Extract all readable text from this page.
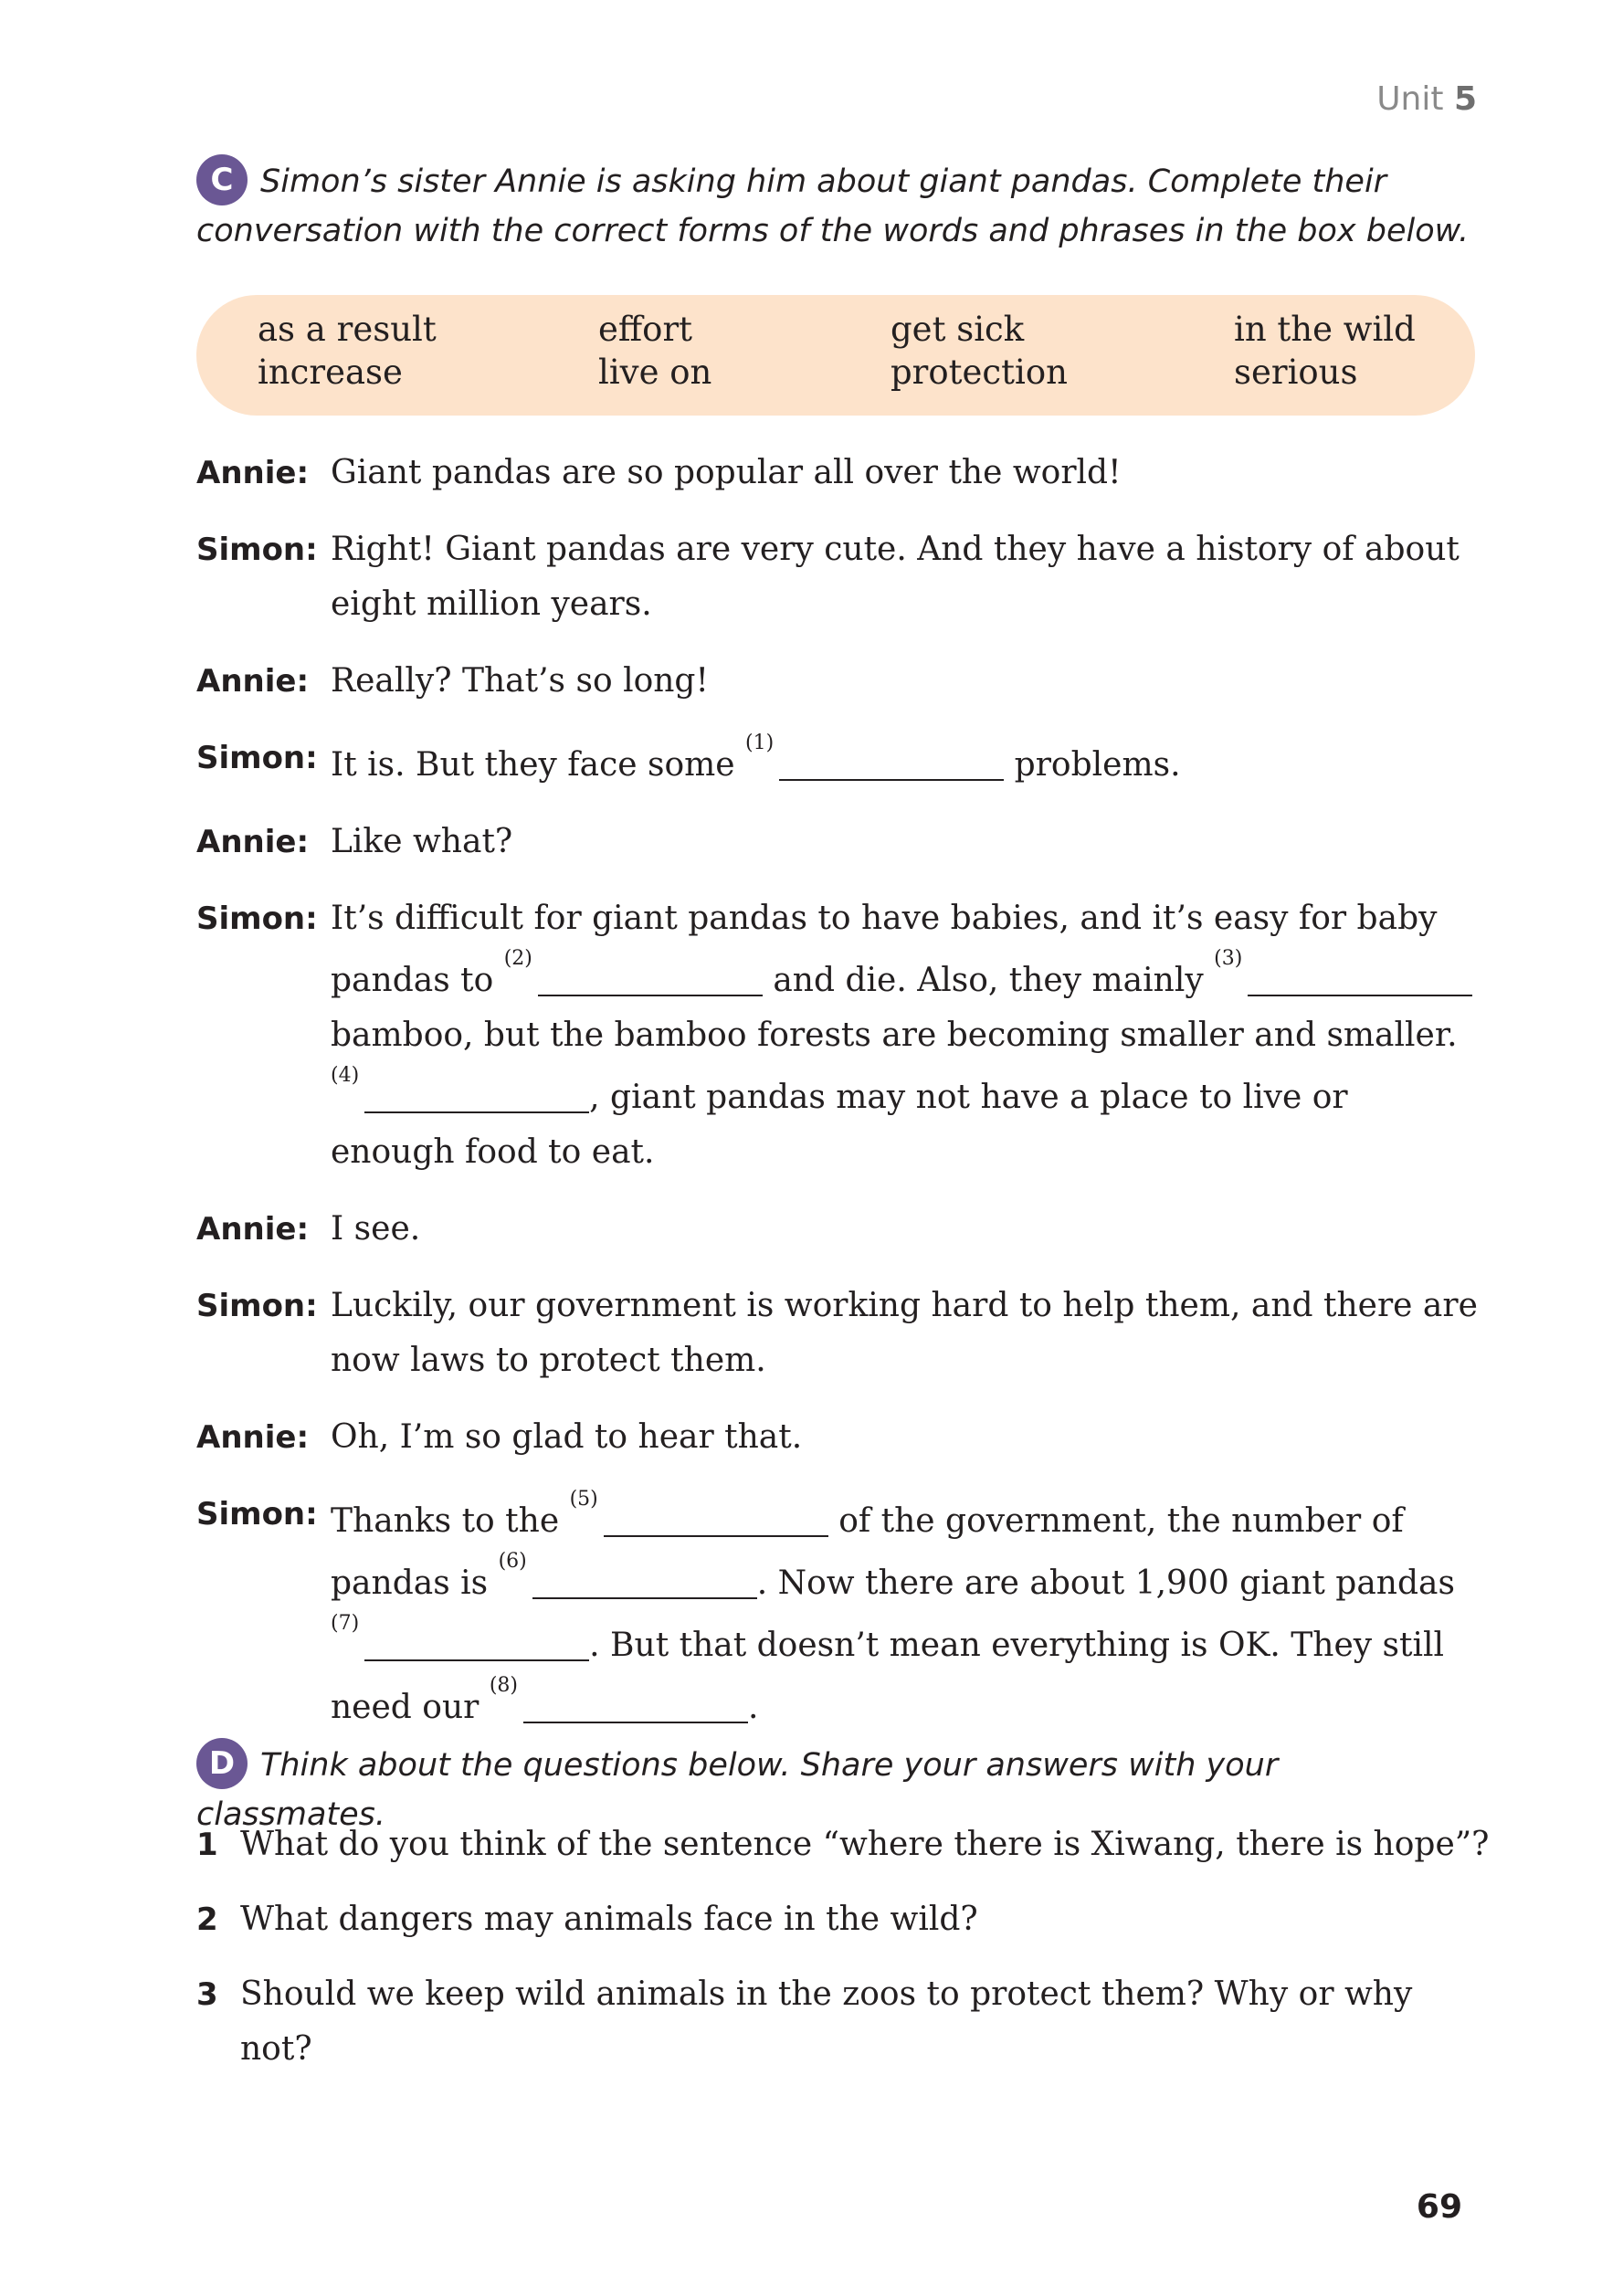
Unit 5
C Simon’s sister Annie is asking him about giant pandas. Complete their conversation with the correct forms of the words and phrases in the box below.
as a result	effort	get sick	in the wild
increase	live on	protection	serious
Annie: Giant pandas are so popular all over the world!
Simon: Right! Giant pandas are very cute. And they have a history of about eight million years.
Annie: Really? That’s so long!
Simon: It is. But they face some $^{(1)}$ problems.
Annie: Like what?
Simon: It’s difficult for giant pandas to have babies, and it’s easy for baby pandas to $^{(2)}$ and die. Also, they mainly $^{(3)}$ bamboo, but the bamboo forests are becoming smaller and smaller. $^{(4)}$, giant pandas may not have a place to live or enough food to eat.
Annie: I see.
Simon: Luckily, our government is working hard to help them, and there are now laws to protect them.
Annie: Oh, I’m so glad to hear that.
Simon: Thanks to the $^{(5)}$ of the government, the number of pandas is $^{(6)}$. Now there are about 1,900 giant pandas $^{(7)}$. But that doesn’t mean everything is OK. They still need our $^{(8)}$.
D Think about the questions below. Share your answers with your classmates.
1 What do you think of the sentence “where there is Xiwang, there is hope”?
2 What dangers may animals face in the wild?
3 Should we keep wild animals in the zoos to protect them? Why or why not?
69
